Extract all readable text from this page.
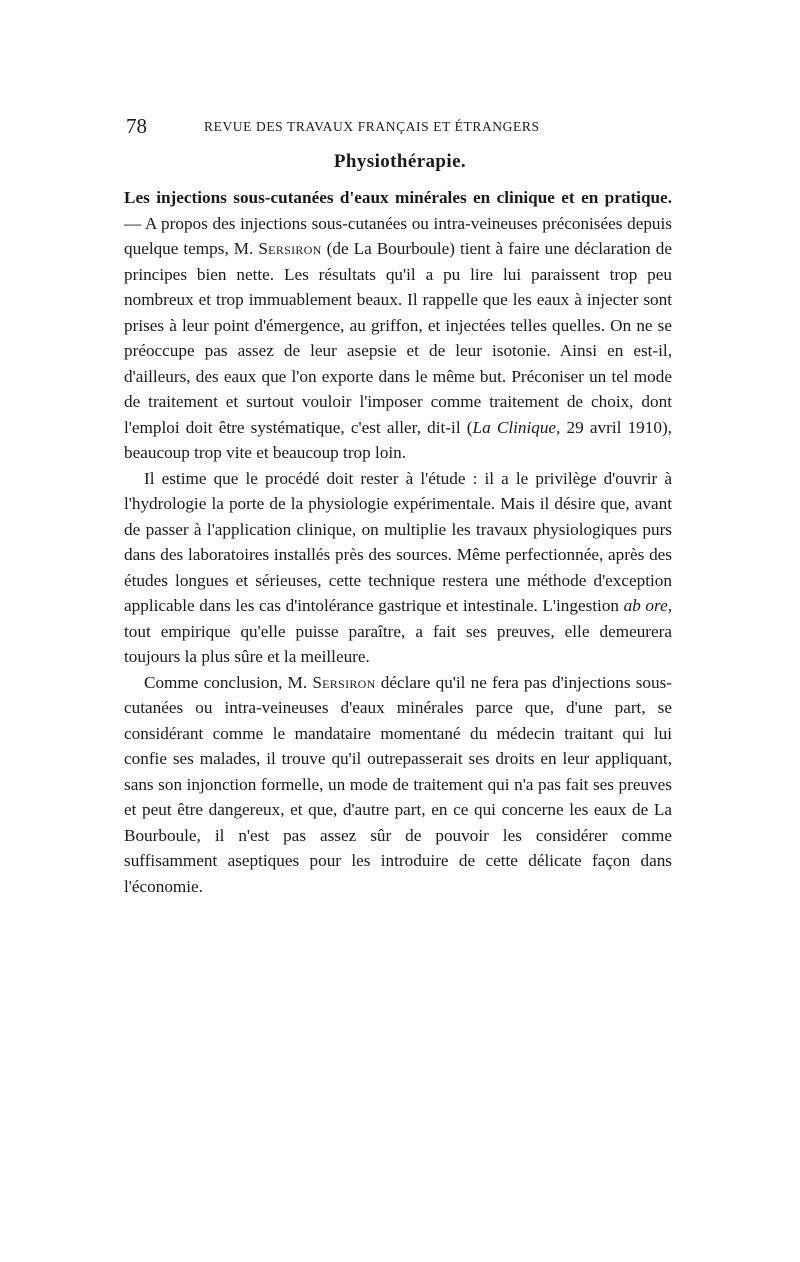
78	REVUE DES TRAVAUX FRANÇAIS ET ÉTRANGERS
Physiothérapie.

Les injections sous-cutanées d'eaux minérales en clinique et en pratique. — A propos des injections sous-cutanées ou intra-veineuses préconisées depuis quelque temps, M. Sersiron (de La Bourboule) tient à faire une déclaration de principes bien nette. Les résultats qu'il a pu lire lui paraissent trop peu nombreux et trop immuablement beaux. Il rappelle que les eaux à injecter sont prises à leur point d'émergence, au griffon, et injectées telles quelles. On ne se préoccupe pas assez de leur asepsie et de leur isotonie. Ainsi en est-il, d'ailleurs, des eaux que l'on exporte dans le même but. Préconiser un tel mode de traitement et surtout vouloir l'imposer comme traitement de choix, dont l'emploi doit être systématique, c'est aller, dit-il (La Clinique, 29 avril 1910), beaucoup trop vite et beaucoup trop loin.

Il estime que le procédé doit rester à l'étude : il a le privilège d'ouvrir à l'hydrologie la porte de la physiologie expérimentale. Mais il désire que, avant de passer à l'application clinique, on multiplie les travaux physiologiques purs dans des laboratoires installés près des sources. Même perfectionnée, après des études longues et sérieuses, cette technique restera une méthode d'exception applicable dans les cas d'intolérance gastrique et intestinale. L'ingestion ab ore, tout empirique qu'elle puisse paraître, a fait ses preuves, elle demeurera toujours la plus sûre et la meilleure.

Comme conclusion, M. Sersiron déclare qu'il ne fera pas d'injections sous-cutanées ou intra-veineuses d'eaux minérales parce que, d'une part, se considérant comme le mandataire momentané du médecin traitant qui lui confie ses malades, il trouve qu'il outrepasserait ses droits en leur appliquant, sans son injonction formelle, un mode de traitement qui n'a pas fait ses preuves et peut être dangereux, et que, d'autre part, en ce qui concerne les eaux de La Bourboule, il n'est pas assez sûr de pouvoir les considérer comme suffisamment aseptiques pour les introduire de cette délicate façon dans l'économie.
